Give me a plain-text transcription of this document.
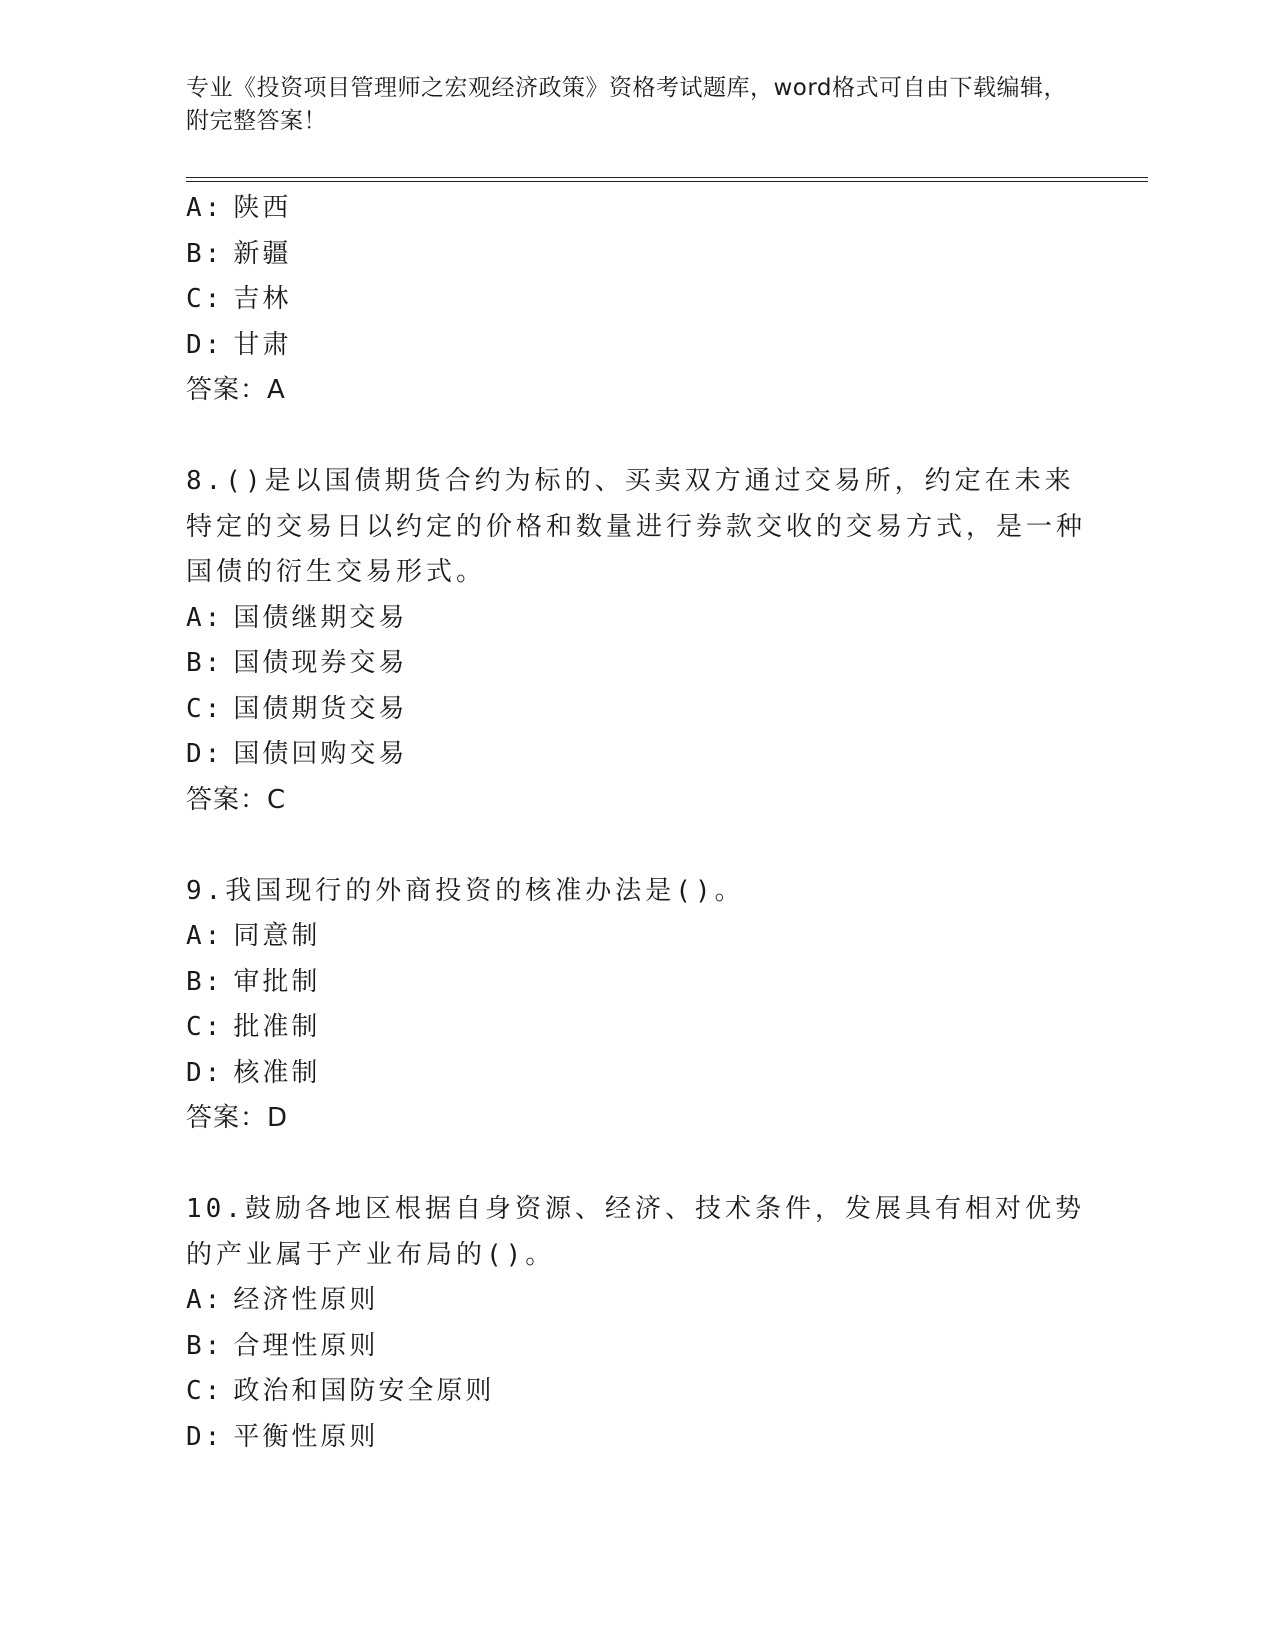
专业《投资项目管理师之宏观经济政策》资格考试题库，word格式可自由下载编辑，附完整答案！
A: 陕西
B: 新疆
C: 吉林
D: 甘肃
答案：A
8.()是以国债期货合约为标的、买卖双方通过交易所，约定在未来特定的交易日以约定的价格和数量进行券款交收的交易方式，是一种国债的衍生交易形式。
A: 国债继期交易
B: 国债现券交易
C: 国债期货交易
D: 国债回购交易
答案：C
9.我国现行的外商投资的核准办法是()。
A: 同意制
B: 审批制
C: 批准制
D: 核准制
答案：D
10.鼓励各地区根据自身资源、经济、技术条件，发展具有相对优势的产业属于产业布局的()。
A: 经济性原则
B: 合理性原则
C: 政治和国防安全原则
D: 平衡性原则
